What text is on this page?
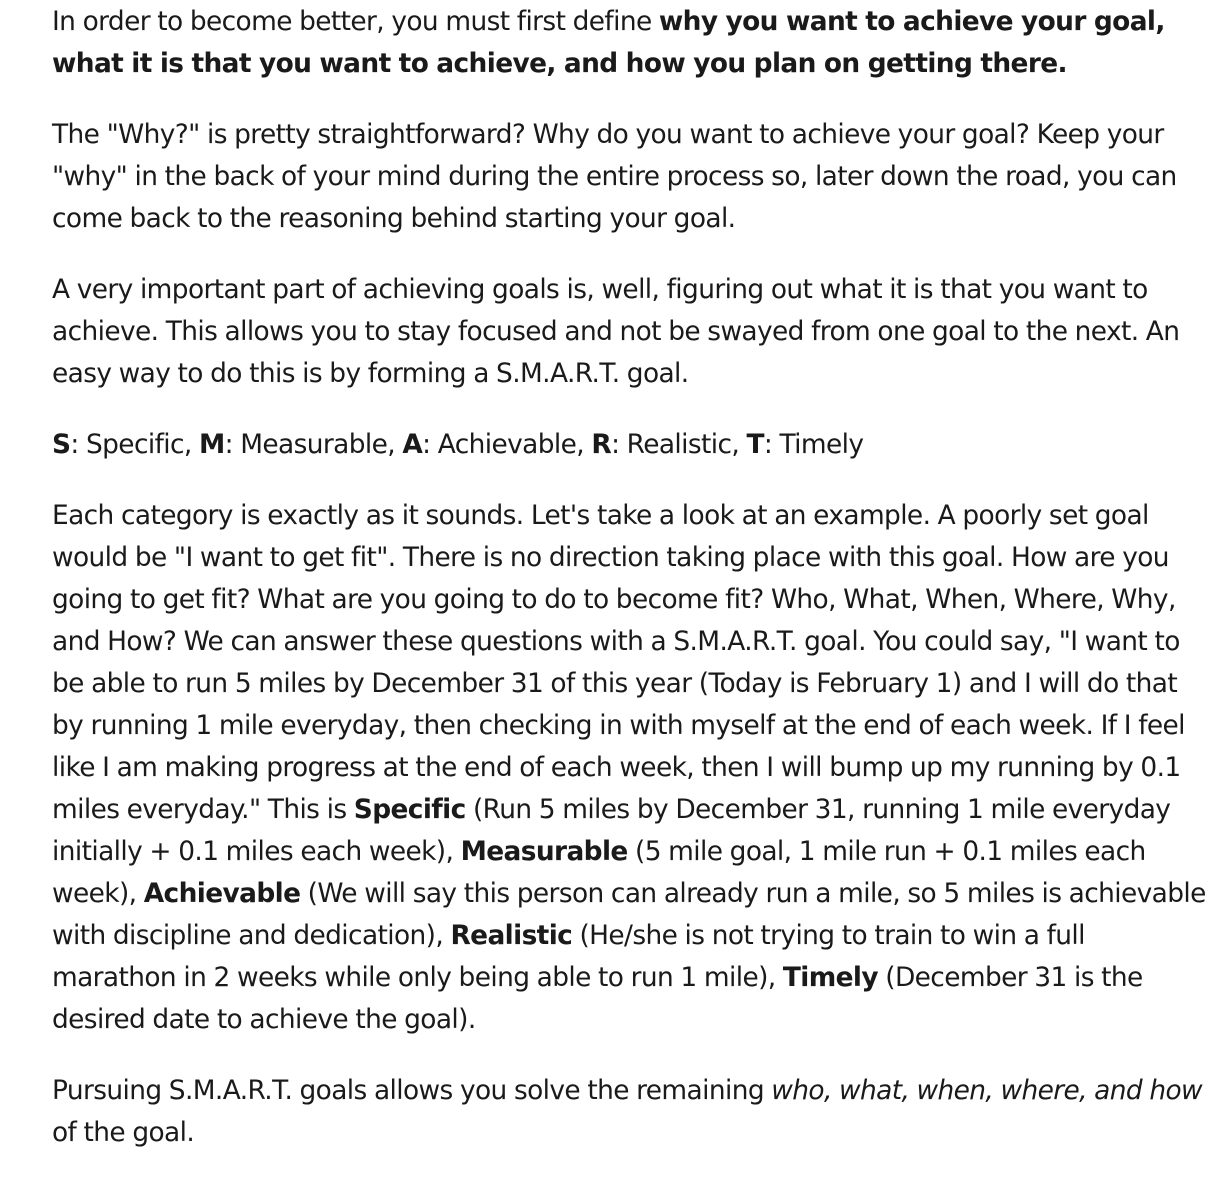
In order to become better, you must first define why you want to achieve your goal, what it is that you want to achieve, and how you plan on getting there.

The "Why?" is pretty straightforward? Why do you want to achieve your goal? Keep your "why" in the back of your mind during the entire process so, later down the road, you can come back to the reasoning behind starting your goal.

A very important part of achieving goals is, well, figuring out what it is that you want to achieve. This allows you to stay focused and not be swayed from one goal to the next. An easy way to do this is by forming a S.M.A.R.T. goal.

S: Specific, M: Measurable, A: Achievable, R: Realistic, T: Timely

Each category is exactly as it sounds. Let's take a look at an example. A poorly set goal would be "I want to get fit". There is no direction taking place with this goal. How are you going to get fit? What are you going to do to become fit? Who, What, When, Where, Why, and How? We can answer these questions with a S.M.A.R.T. goal. You could say, "I want to be able to run 5 miles by December 31 of this year (Today is February 1) and I will do that by running 1 mile everyday, then checking in with myself at the end of each week. If I feel like I am making progress at the end of each week, then I will bump up my running by 0.1 miles everyday." This is Specific (Run 5 miles by December 31, running 1 mile everyday initially + 0.1 miles each week), Measurable (5 mile goal, 1 mile run + 0.1 miles each week), Achievable (We will say this person can already run a mile, so 5 miles is achievable with discipline and dedication), Realistic (He/she is not trying to train to win a full marathon in 2 weeks while only being able to run 1 mile), Timely (December 31 is the desired date to achieve the goal).

Pursuing S.M.A.R.T. goals allows you solve the remaining who, what, when, where, and how of the goal.
